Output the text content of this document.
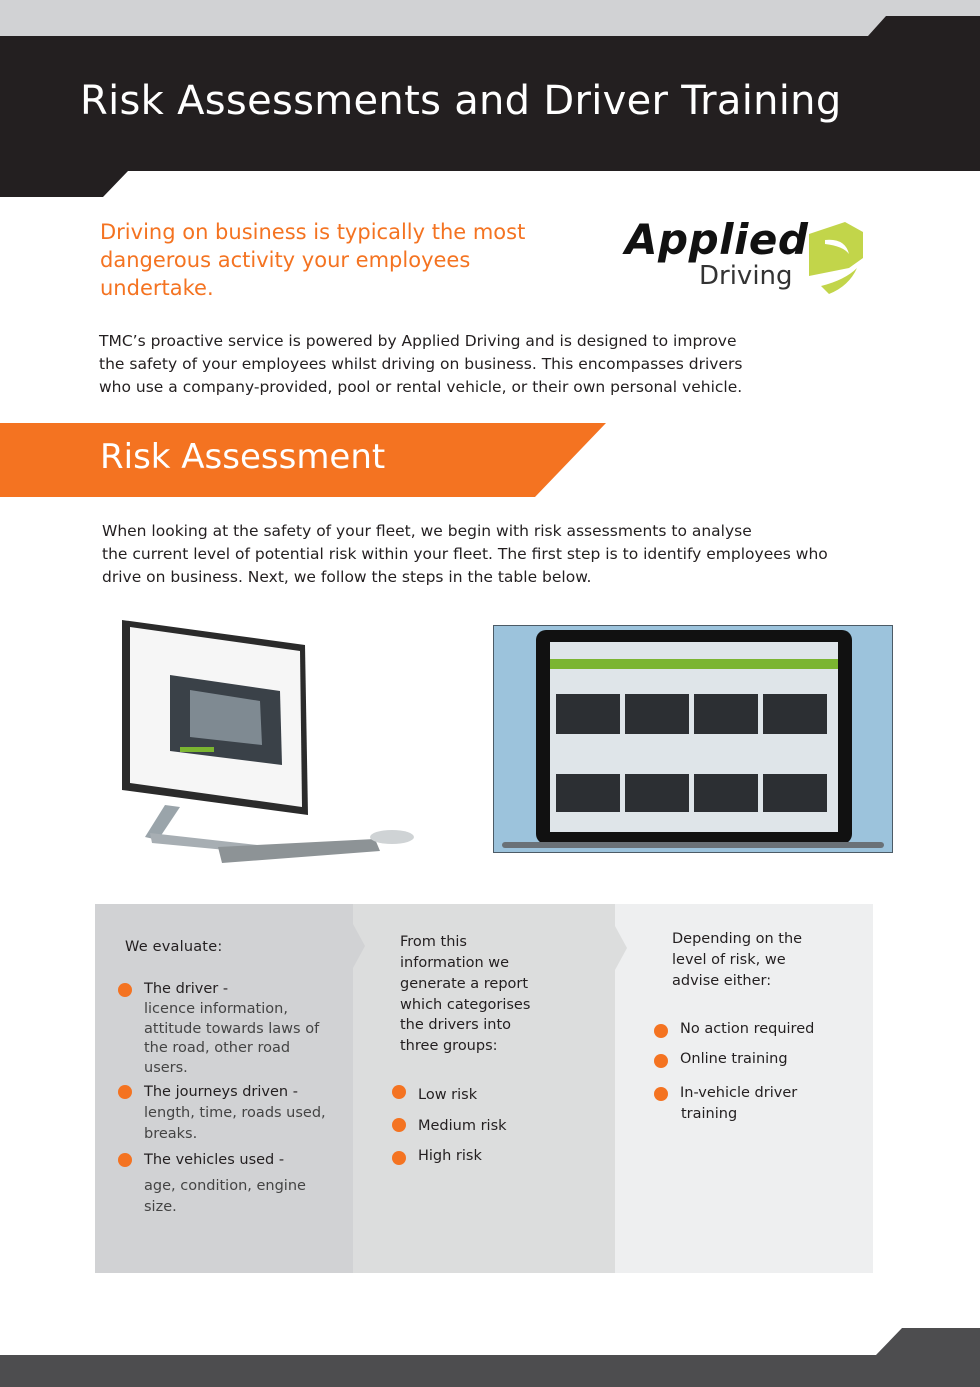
Risk Assessments and Driver Training
Driving on business is typically the most
dangerous activity your employees
undertake.
Applied
Driving
TMC’s proactive service is powered by Applied Driving and is designed to improve
the safety of your employees whilst driving on business. This encompasses drivers
who use a company-provided, pool or rental vehicle, or their own personal vehicle.
Risk Assessment
When looking at the safety of your fleet, we begin with risk assessments to analyse
the current level of potential risk within your fleet. The first step is to identify employees who
drive on business. Next, we follow the steps in the table below.
We evaluate:
The driver -
licence information,
attitude towards laws of
the road, other road
users.
The journeys driven -
length, time, roads used,
breaks.
The vehicles used -
age, condition, engine
size.
From this
information we
generate a report
which categorises
the drivers into
three groups:
Low risk
Medium risk
High risk
Depending on the
level of risk, we
advise either:
No action required
Online training
In-vehicle driver
training
